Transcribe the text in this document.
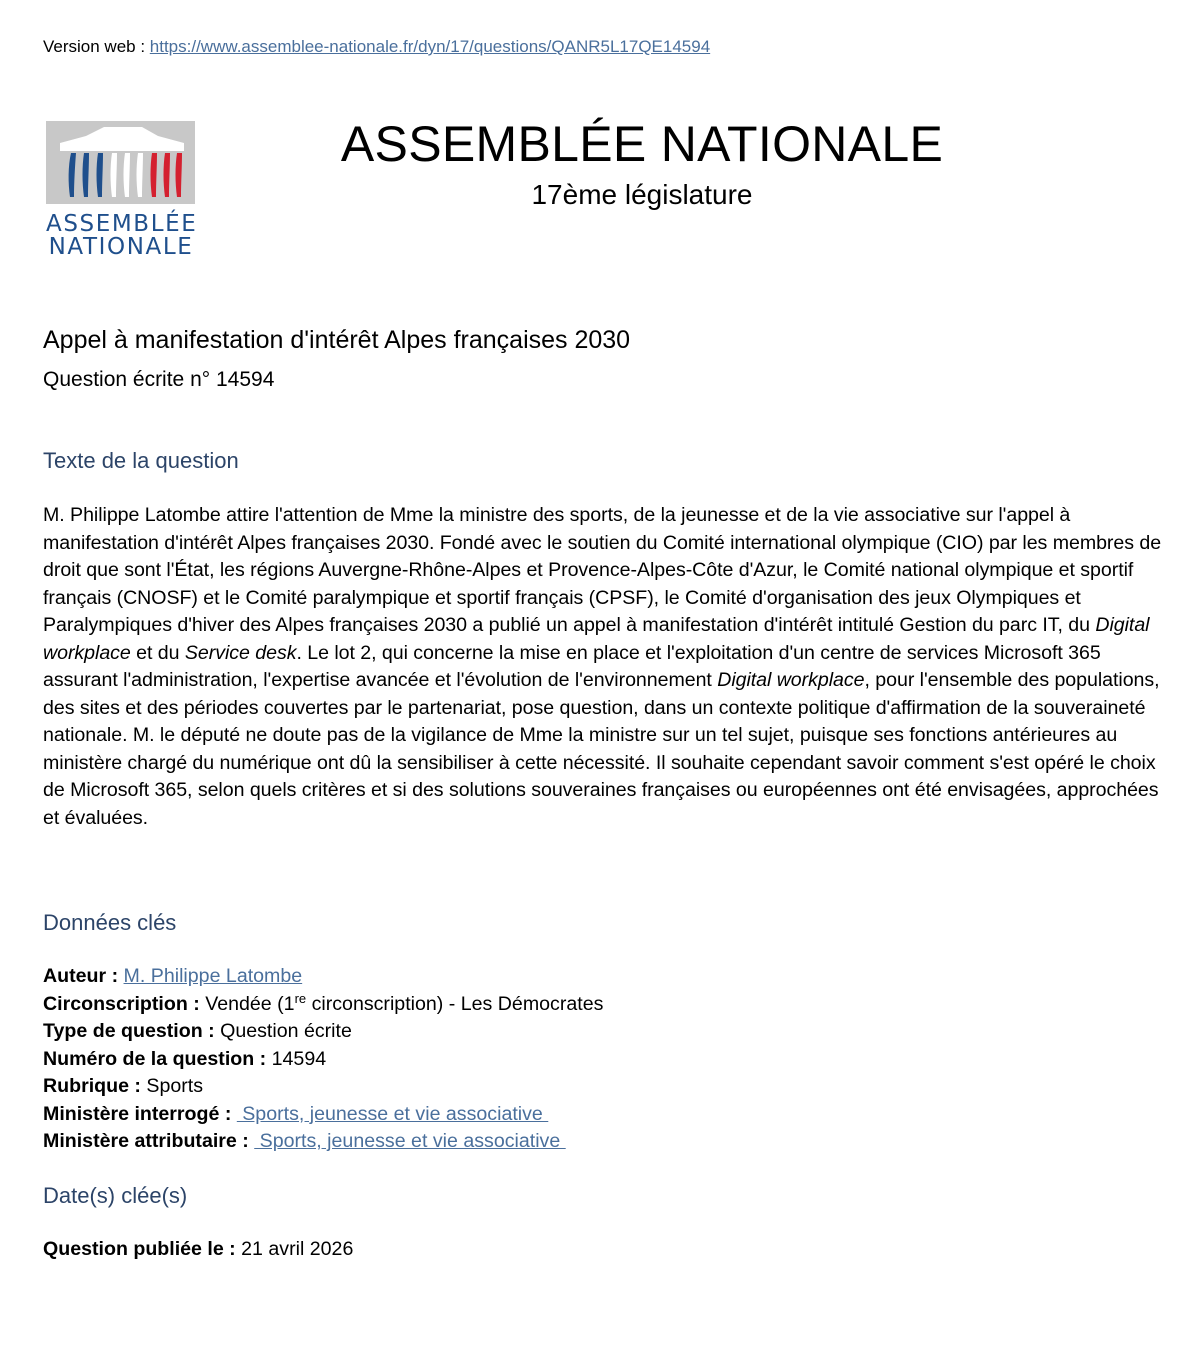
Version web : https://www.assemblee-nationale.fr/dyn/17/questions/QANR5L17QE14594
ASSEMBLÉE
NATIONALE
ASSEMBLÉE NATIONALE
17ème législature
Appel à manifestation d'intérêt Alpes françaises 2030
Question écrite n° 14594
Texte de la question

M. Philippe Latombe attire l'attention de Mme la ministre des sports, de la jeunesse et de la vie associative sur l'appel à manifestation d'intérêt Alpes françaises 2030. Fondé avec le soutien du Comité international olympique (CIO) par les membres de droit que sont l'État, les régions Auvergne-Rhône-Alpes et Provence-Alpes-Côte d'Azur, le Comité national olympique et sportif français (CNOSF) et le Comité paralympique et sportif français (CPSF), le Comité d'organisation des jeux Olympiques et Paralympiques d'hiver des Alpes françaises 2030 a publié un appel à manifestation d'intérêt intitulé Gestion du parc IT, du Digital workplace et du Service desk. Le lot 2, qui concerne la mise en place et l'exploitation d'un centre de services Microsoft 365 assurant l'administration, l'expertise avancée et l'évolution de l'environnement Digital workplace, pour l'ensemble des populations, des sites et des périodes couvertes par le partenariat, pose question, dans un contexte politique d'affirmation de la souveraineté nationale. M. le député ne doute pas de la vigilance de Mme la ministre sur un tel sujet, puisque ses fonctions antérieures au ministère chargé du numérique ont dû la sensibiliser à cette nécessité. Il souhaite cependant savoir comment s'est opéré le choix de Microsoft 365, selon quels critères et si des solutions souveraines françaises ou européennes ont été envisagées, approchées et évaluées.

Données clés
Auteur : M. Philippe Latombe
Circonscription : Vendée (1re circonscription) - Les Démocrates
Type de question : Question écrite
Numéro de la question : 14594
Rubrique : Sports
Ministère interrogé :  Sports, jeunesse et vie associative
Ministère attributaire :  Sports, jeunesse et vie associative
Date(s) clée(s)
Question publiée le : 21 avril 2026
